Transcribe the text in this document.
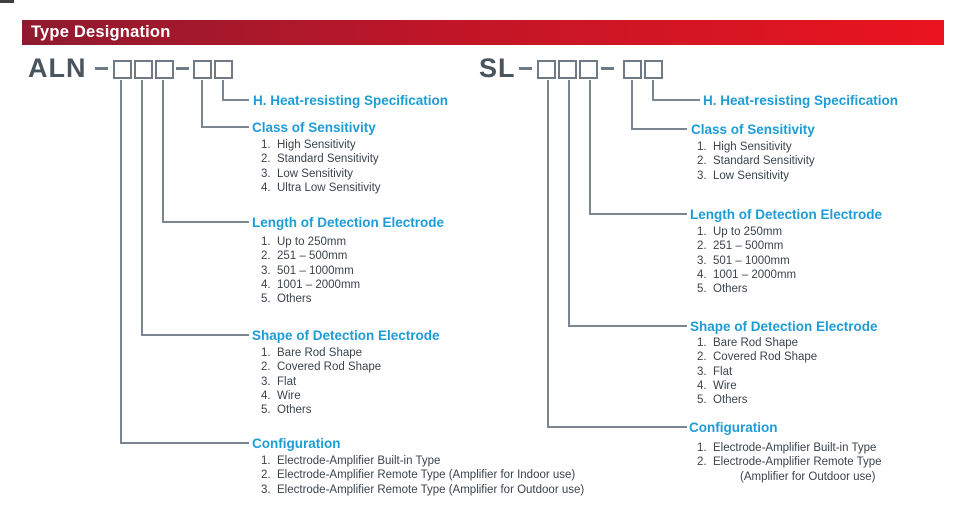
Type Designation
ALN
H. Heat-resisting Specification
Class of Sensitivity
1. High Sensitivity
2. Standard Sensitivity
3. Low Sensitivity
4. Ultra Low Sensitivity
Length of Detection Electrode
1. Up to 250mm
2. 251 – 500mm
3. 501 – 1000mm
4. 1001 – 2000mm
5. Others
Shape of Detection Electrode
1. Bare Rod Shape
2. Covered Rod Shape
3. Flat
4. Wire
5. Others
Configuration
1. Electrode-Amplifier Built-in Type
2. Electrode-Amplifier Remote Type (Amplifier for Indoor use)
3. Electrode-Amplifier Remote Type (Amplifier for Outdoor use)
SL
H. Heat-resisting Specification
Class of Sensitivity
1. High Sensitivity
2. Standard Sensitivity
3. Low Sensitivity
Length of Detection Electrode
1. Up to 250mm
2. 251 – 500mm
3. 501 – 1000mm
4. 1001 – 2000mm
5. Others
Shape of Detection Electrode
1. Bare Rod Shape
2. Covered Rod Shape
3. Flat
4. Wire
5. Others
Configuration
1. Electrode-Amplifier Built-in Type
2. Electrode-Amplifier Remote Type
(Amplifier for Outdoor use)
